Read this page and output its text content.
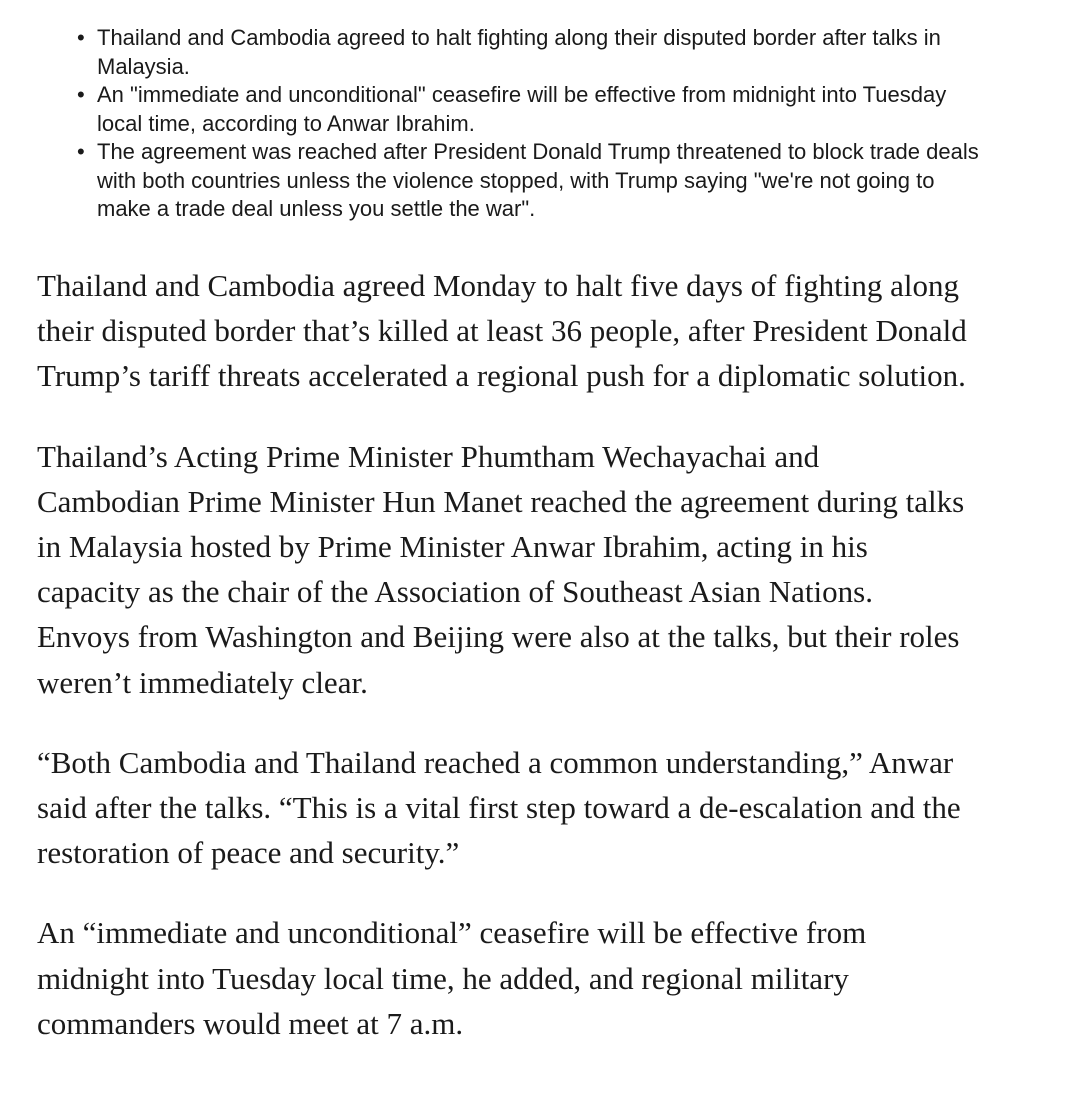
• Thailand and Cambodia agreed to halt fighting along their disputed border after talks in Malaysia.
• An "immediate and unconditional" ceasefire will be effective from midnight into Tuesday local time, according to Anwar Ibrahim.
• The agreement was reached after President Donald Trump threatened to block trade deals with both countries unless the violence stopped, with Trump saying "we're not going to make a trade deal unless you settle the war".

Thailand and Cambodia agreed Monday to halt five days of fighting along their disputed border that’s killed at least 36 people, after President Donald Trump’s tariff threats accelerated a regional push for a diplomatic solution.

Thailand’s Acting Prime Minister Phumtham Wechayachai and Cambodian Prime Minister Hun Manet reached the agreement during talks in Malaysia hosted by Prime Minister Anwar Ibrahim, acting in his capacity as the chair of the Association of Southeast Asian Nations. Envoys from Washington and Beijing were also at the talks, but their roles weren’t immediately clear.

“Both Cambodia and Thailand reached a common understanding,” Anwar said after the talks. “This is a vital first step toward a de-escalation and the restoration of peace and security.”

An “immediate and unconditional” ceasefire will be effective from midnight into Tuesday local time, he added, and regional military commanders would meet at 7 a.m.
